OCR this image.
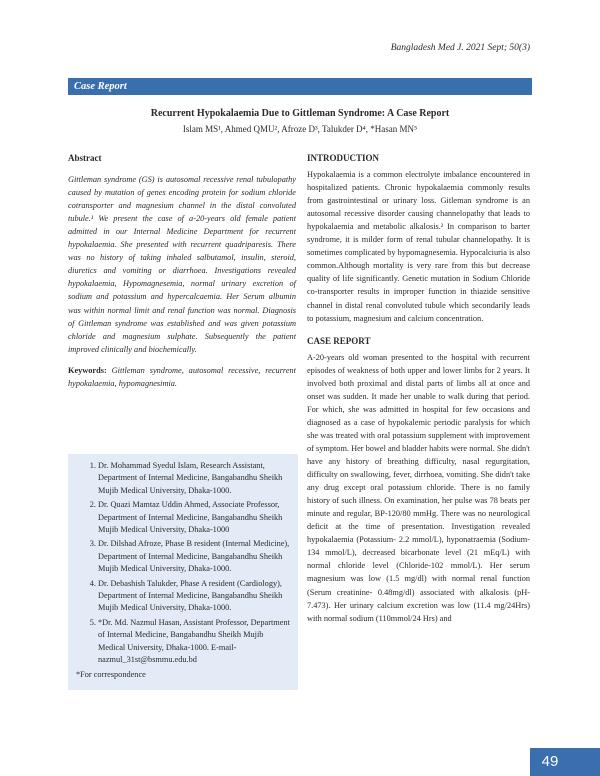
Bangladesh Med J. 2021 Sept; 50(3)
Case Report
Recurrent Hypokalaemia Due to Gittleman Syndrome: A Case Report
Islam MS¹, Ahmed QMU², Afroze D³, Talukder D⁴, *Hasan MN⁵
Abstract
Gittleman syndrome (GS) is autosomal recessive renal tubulopathy caused by mutation of genes encoding protein for sodium chloride cotransporter and magnesium channel in the distal convoluted tubule.¹ We present the case of a-20-years old female patient admitted in our Internal Medicine Department for recurrent hypokalaemia. She presented with recurrent quadriparesis. There was no history of taking inhaled salbutamol, insulin, steroid, diuretics and vomiting or diarrhoea. Investigations revealed hypokalaemia, Hypomagnesemia, normal urinary excretion of sodium and potassium and hypercalcaemia. Her Serum albumin was within normal limit and renal function was normal. Diagnosis of Gittleman syndrome was established and was given potassium chloride and magnesium sulphate. Subsequently the patient improved clinically and biochemically.
Keywords: Gittleman syndrome, autosomal recessive, recurrent hypokalaemia, hypomagnesimia.
1. Dr. Mohammad Syedul Islam, Research Assistant, Department of Internal Medicine, Bangabandhu Sheikh Mujib Medical University, Dhaka-1000.
2. Dr. Quazi Mamtaz Uddin Ahmed, Associate Professor, Department of Internal Medicine, Bangabandhu Sheikh Mujib Medical University, Dhaka-1000
3. Dr. Dilshad Afroze, Phase B resident (Internal Medicine), Department of Internal Medicine, Bangabandhu Sheikh Mujib Medical University, Dhaka-1000.
4. Dr. Debashish Talukder, Phase A resident (Cardiology), Department of Internal Medicine, Bangabandhu Sheikh Mujib Medical University, Dhaka-1000.
5. *Dr. Md. Nazmul Hasan, Assistant Professor, Department of Internal Medicine, Bangabandhu Sheikh Mujib Medical University, Dhaka-1000. E-mail- nazmul_31st@bsmmu.edu.bd
*For correspondence
INTRODUCTION

Hypokalaemia is a common electrolyte imbalance encountered in hospitalized patients. Chronic hypokalaemia commonly results from gastrointestinal or urinary loss. Gitleman syndrome is an autosomal recessive disorder causing channelopathy that leads to hypokalaemia and metabolic alkalosis.² In comparison to barter syndrome, it is milder form of renal tubular channelopathy. It is sometimes complicated by hypomagnesemia. Hypocalciuria is also common.Although mortality is very rare from this but decrease quality of life significantly. Genetic mutation in Sodium Chloride co-transporter results in improper function in thiazide sensitive channel in distal renal convoluted tubule which secondarily leads to potassium, magnesium and calcium concentration.

CASE REPORT

A-20-years old woman presented to the hospital with recurrent episodes of weakness of both upper and lower limbs for 2 years. It involved both proximal and distal parts of limbs all at once and onset was sudden. It made her unable to walk during that period. For which, she was admitted in hospital for few occasions and diagnosed as a case of hypokalemic periodic paralysis for which she was treated with oral potassium supplement with improvement of symptom. Her bowel and bladder habits were normal. She didn't have any history of breathing difficulty, nasal regurgitation, difficulty on swallowing, fever, dirrhoea, vomiting. She didn't take any drug except oral potassium chloride. There is no family history of such illness. On examination, her pulse was 78 beats per minute and regular, BP-120/80 mmHg. There was no neurological deficit at the time of presentation. Investigation revealed hypokalaemia (Potassium- 2.2 mmol/L), hyponatraemia (Sodium- 134 mmol/L), decreased bicarbonate level (21 mEq/L) with normal chloride level (Chloride-102 mmol/L). Her serum magnesium was low (1.5 mg/dl) with normal renal function (Serum creatinine- 0.48mg/dl) associated with alkalosis (pH-7.473). Her urinary calcium excretion was low (11.4 mg/24Hrs) with normal sodium (110mmol/24 Hrs) and

49
